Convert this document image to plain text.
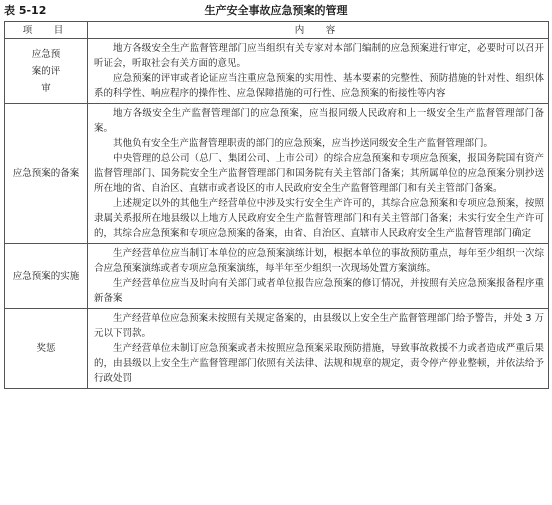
表 5-12	生产安全事故应急预案的管理
项　目	内　容

应急预案的评审	地方各级安全生产监督管理部门应当组织有关专家对本部门编制的应急预案进行审定，必要时可以召开听证会，听取社会有关方面的意见。

应急预案的评审或者论证应当注重应急预案的实用性、基本要素的完整性、预防措施的针对性、组织体系的科学性、响应程序的操作性、应急保障措施的可行性、应急预案的衔接性等内容

应急预案的备案	地方各级安全生产监督管理部门的应急预案，应当报同级人民政府和上一级安全生产监督管理部门备案。

其他负有安全生产监督管理职责的部门的应急预案，应当抄送同级安全生产监督管理部门。

中央管理的总公司（总厂、集团公司、上市公司）的综合应急预案和专项应急预案，报国务院国有资产监督管理部门、国务院安全生产监督管理部门和国务院有关主管部门备案；其所属单位的应急预案分别抄送所在地的省、自治区、直辖市或者设区的市人民政府安全生产监督管理部门和有关主管部门备案。

上述规定以外的其他生产经营单位中涉及实行安全生产许可的，其综合应急预案和专项应急预案，按照隶属关系报所在地县级以上地方人民政府安全生产监督管理部门和有关主管部门备案；未实行安全生产许可的，其综合应急预案和专项应急预案的备案，由省、自治区、直辖市人民政府安全生产监督管理部门确定

应急预案的实施	生产经营单位应当制订本单位的应急预案演练计划，根据本单位的事故预防重点，每年至少组织一次综合应急预案演练或者专项应急预案演练，每半年至少组织一次现场处置方案演练。

生产经营单位应当及时向有关部门或者单位报告应急预案的修订情况，并按照有关应急预案报备程序重新备案

奖惩	生产经营单位应急预案未按照有关规定备案的，由县级以上安全生产监督管理部门给予警告，并处 3 万元以下罚款。

生产经营单位未制订应急预案或者未按照应急预案采取预防措施，导致事故救援不力或者造成严重后果的，由县级以上安全生产监督管理部门依照有关法律、法规和规章的规定，责令停产停业整顿，并依法给予行政处罚
